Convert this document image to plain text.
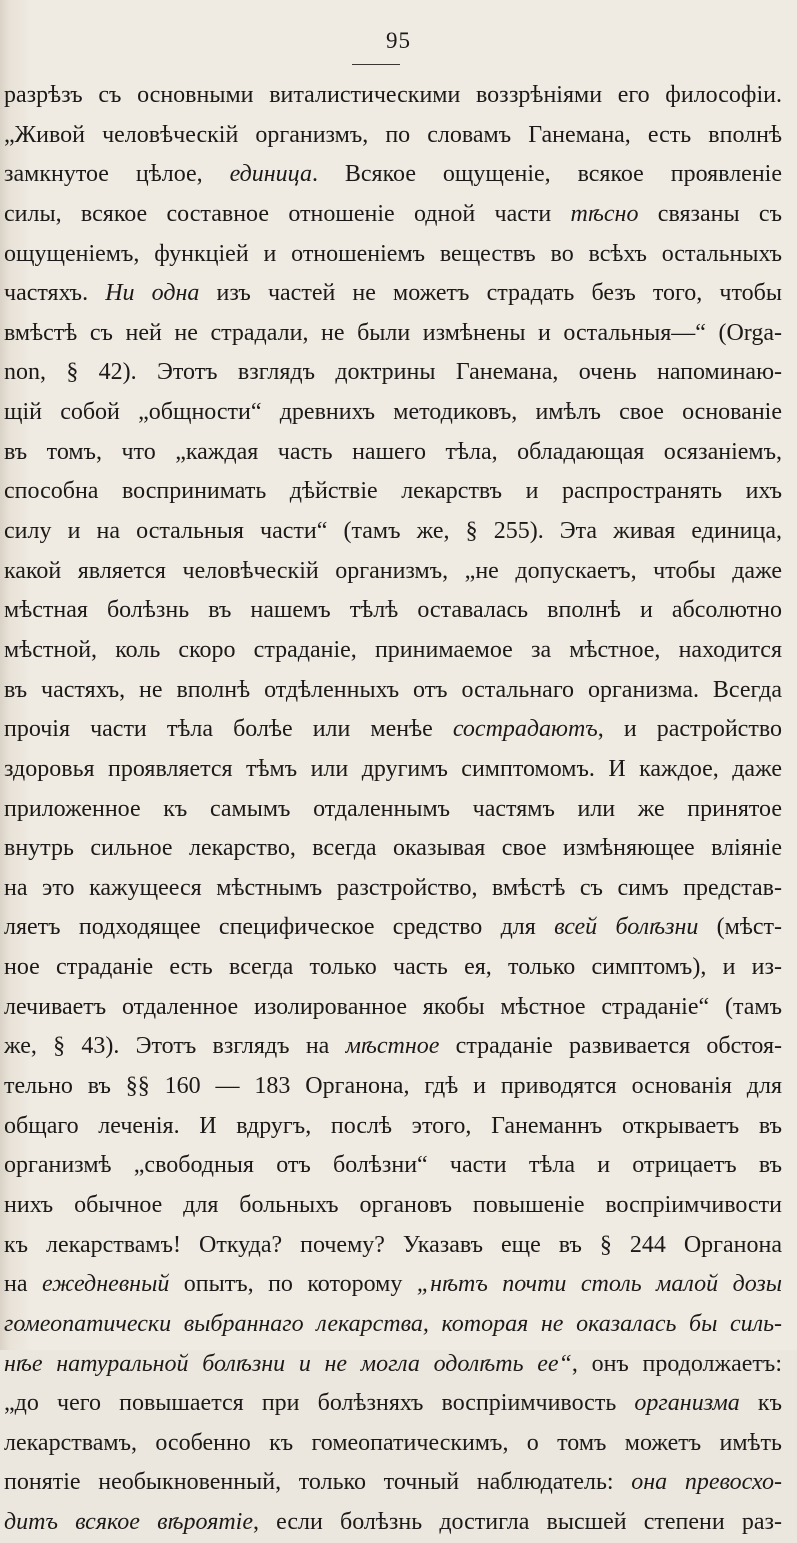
95
разрѣзъ съ основными виталистическими воззрѣніями его философіи.
„Живой человѣческій организмъ, по словамъ Ганемана, есть вполнѣ
замкнутое цѣлое, единица. Всякое ощущеніе, всякое проявленіе
силы, всякое составное отношеніе одной части тѣсно связаны съ
ощущеніемъ, функціей и отношеніемъ веществъ во всѣхъ остальныхъ
частяхъ. Ни одна изъ частей не можетъ страдать безъ того, чтобы
вмѣстѣ съ ней не страдали, не были измѣнены и остальныя—“ (Orga-
non, § 42). Этотъ взглядъ доктрины Ганемана, очень напоминаю-
щій собой „общности“ древнихъ методиковъ, имѣлъ свое основаніе
въ томъ, что „каждая часть нашего тѣла, обладающая осязаніемъ,
способна воспринимать дѣйствіе лекарствъ и распространять ихъ
силу и на остальныя части“ (тамъ же, § 255). Эта живая единица,
какой является человѣческій организмъ, „не допускаетъ, чтобы даже
мѣстная болѣзнь въ нашемъ тѣлѣ оставалась вполнѣ и абсолютно
мѣстной, коль скоро страданіе, принимаемое за мѣстное, находится
въ частяхъ, не вполнѣ отдѣленныхъ отъ остальнаго организма. Всегда
прочія части тѣла болѣе или менѣе сострадаютъ, и растройство
здоровья проявляется тѣмъ или другимъ симптомомъ. И каждое, даже
приложенное къ самымъ отдаленнымъ частямъ или же принятое
внутрь сильное лекарство, всегда оказывая свое измѣняющее вліяніе
на это кажущееся мѣстнымъ разстройство, вмѣстѣ съ симъ представ-
ляетъ подходящее специфическое средство для всей болѣзни (мѣст-
ное страданіе есть всегда только часть ея, только симптомъ), и из-
лечиваетъ отдаленное изолированное якобы мѣстное страданіе“ (тамъ
же, § 43). Этотъ взглядъ на мѣстное страданіе развивается обстоя-
тельно въ §§ 160 — 183 Органона, гдѣ и приводятся основанія для
общаго леченія. И вдругъ, послѣ этого, Ганеманнъ открываетъ въ
организмѣ „свободныя отъ болѣзни“ части тѣла и отрицаетъ въ
нихъ обычное для больныхъ органовъ повышеніе воспріимчивости
къ лекарствамъ! Откуда? почему? Указавъ еще въ § 244 Органона
на ежедневный опытъ, по которому „нѣтъ почти столь малой дозы
гомеопатически выбраннаго лекарства, которая не оказалась бы силь-
нѣе натуральной болѣзни и не могла одолѣть ее“, онъ продолжаетъ:
„до чего повышается при болѣзняхъ воспріимчивость организма къ
лекарствамъ, особенно къ гомеопатическимъ, о томъ можетъ имѣть
понятіе необыкновенный, только точный наблюдатель: она превосхо-
дитъ всякое вѣроятіе, если болѣзнь достигла высшей степени раз-
